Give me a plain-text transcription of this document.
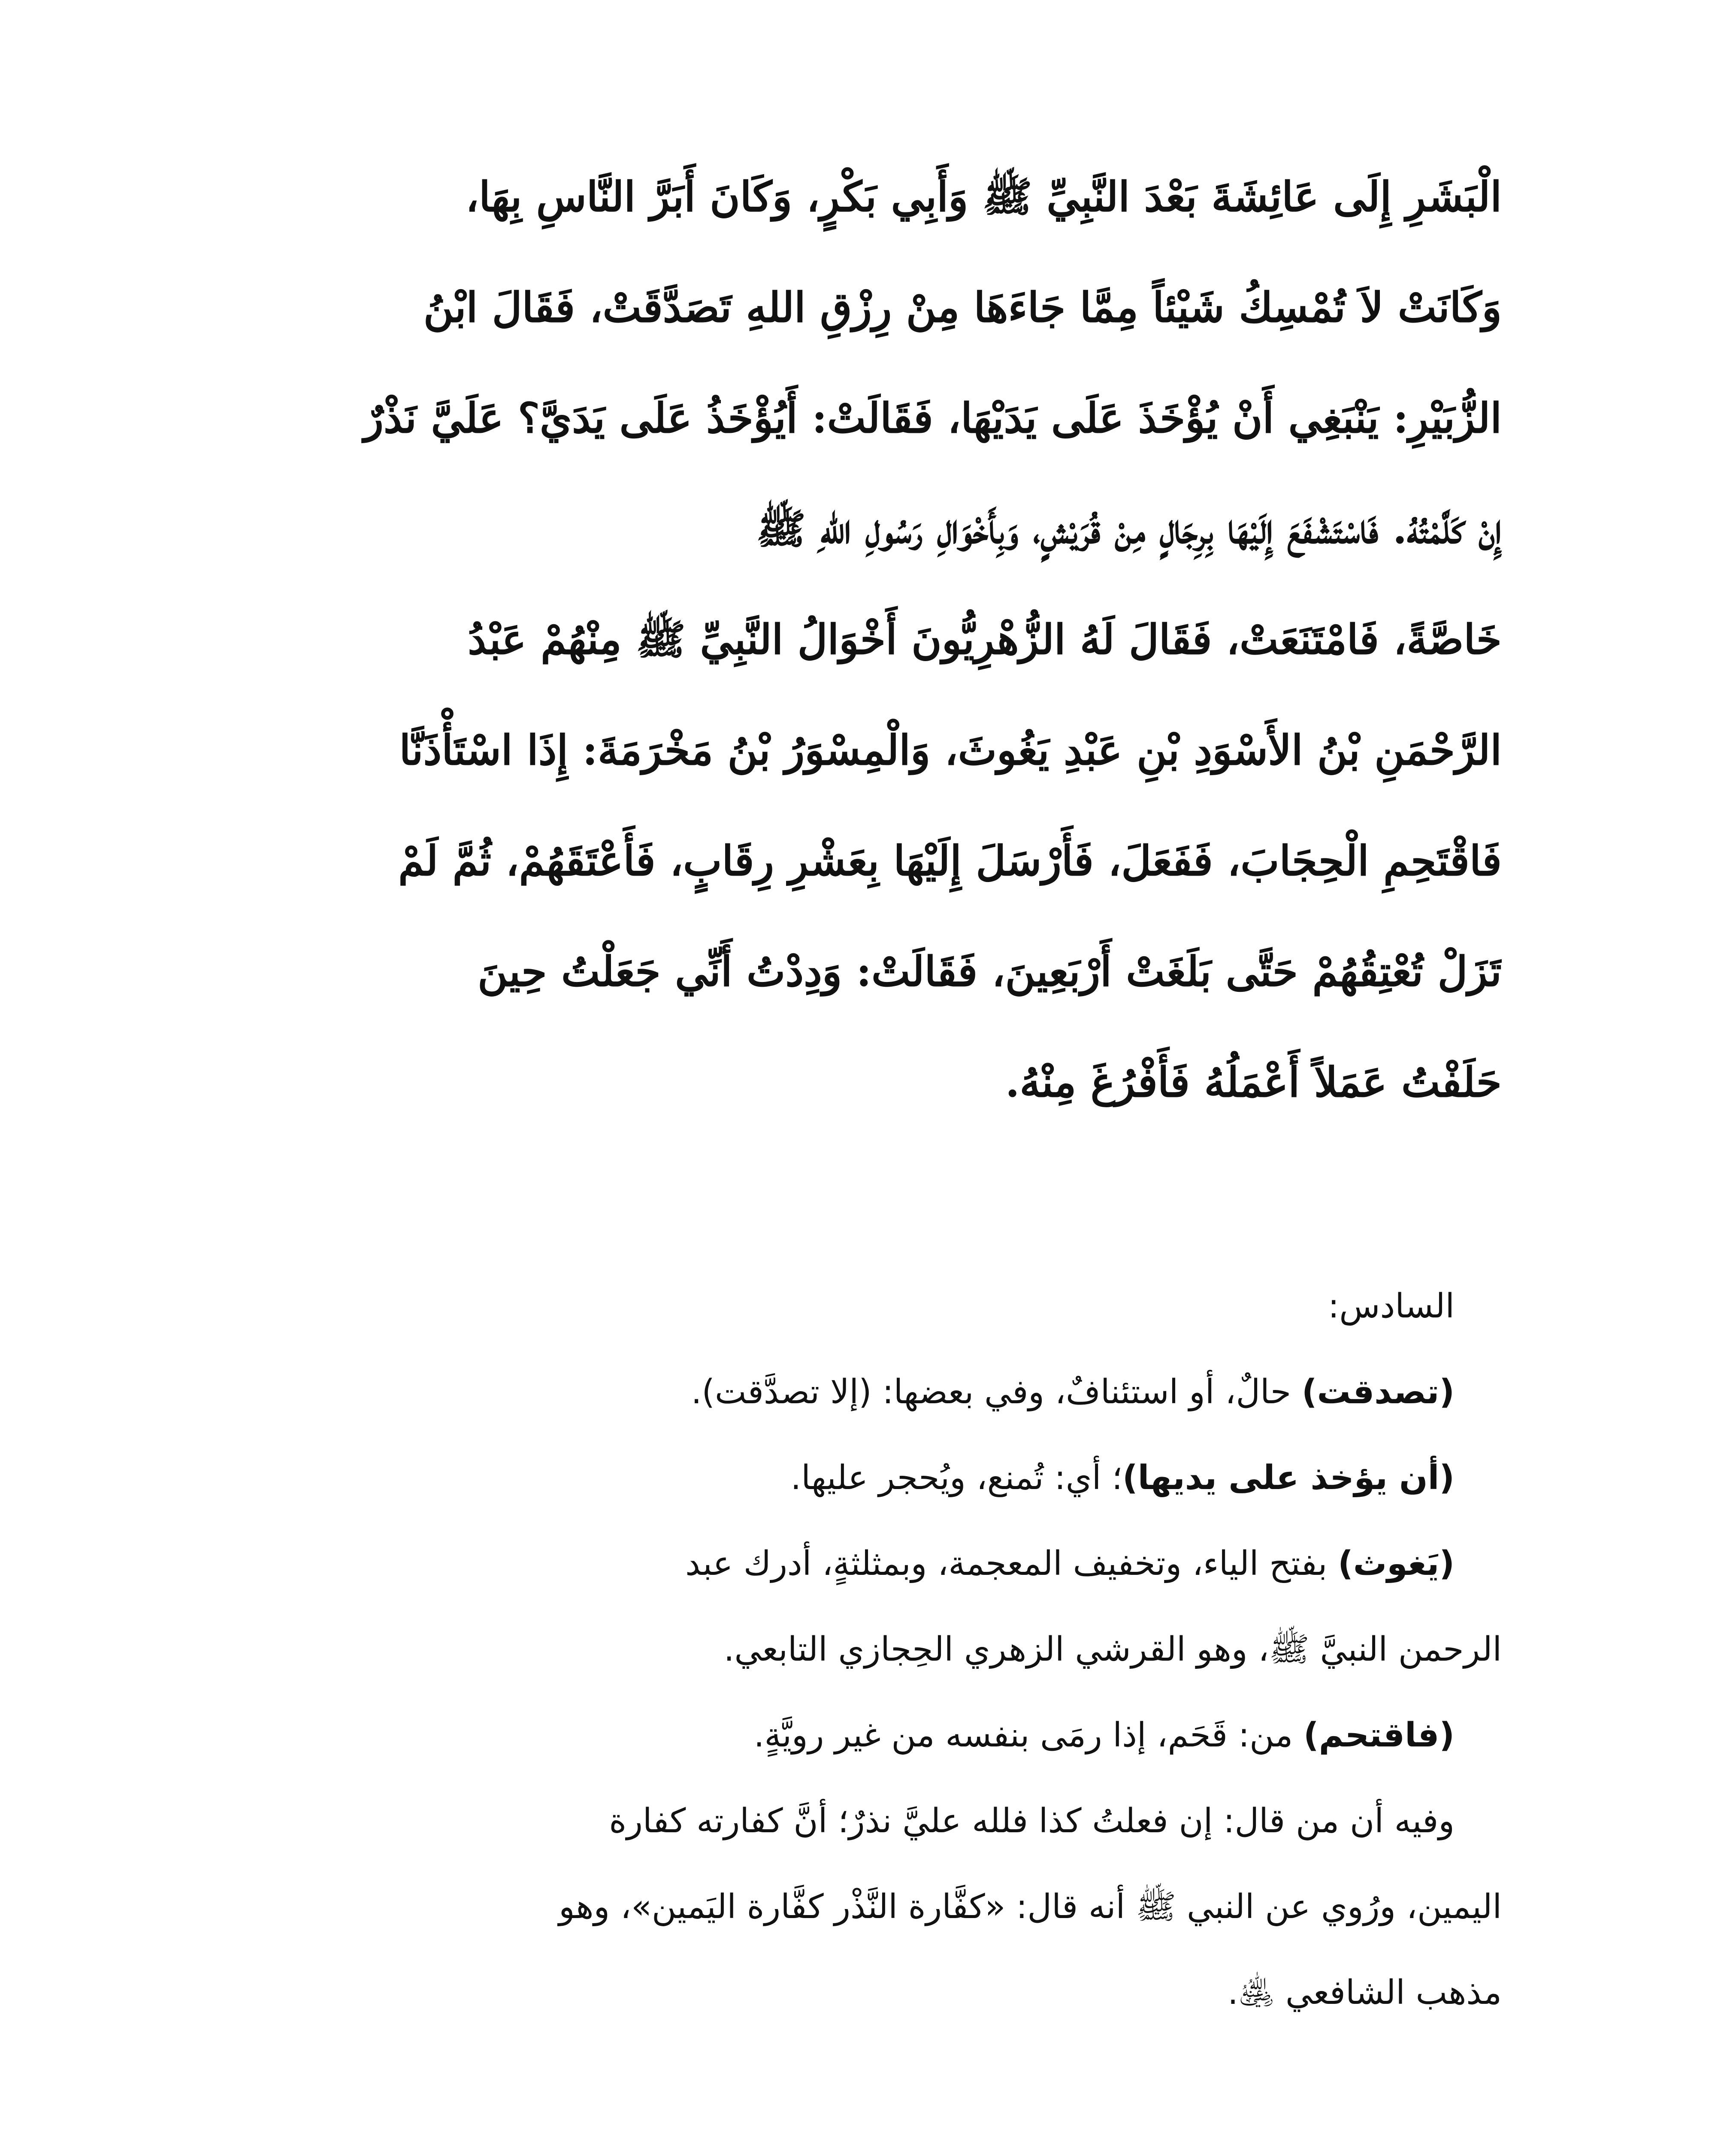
الْبَشَرِ إِلَى عَائِشَةَ بَعْدَ النَّبِيِّ ﷺ وَأَبِي بَكْرٍ، وَكَانَ أَبَرَّ النَّاسِ بِهَا،
وَكَانَتْ لاَ تُمْسِكُ شَيْئاً مِمَّا جَاءَهَا مِنْ رِزْقِ اللهِ تَصَدَّقَتْ، فَقَالَ ابْنُ
الزُّبَيْرِ: يَنْبَغِي أَنْ يُؤْخَذَ عَلَى يَدَيْهَا، فَقَالَتْ: أَيُؤْخَذُ عَلَى يَدَيَّ؟ عَلَيَّ نَذْرٌ
إِنْ كَلَّمْتُهُ. فَاسْتَشْفَعَ إِلَيْهَا بِرِجَالٍ مِنْ قُرَيْشٍ، وَبِأَخْوَالِ رَسُولِ اللهِ ﷺ
خَاصَّةً، فَامْتَنَعَتْ، فَقَالَ لَهُ الزُّهْرِيُّونَ أَخْوَالُ النَّبِيِّ ﷺ مِنْهُمْ عَبْدُ
الرَّحْمَنِ بْنُ الأَسْوَدِ بْنِ عَبْدِ يَغُوثَ، وَالْمِسْوَرُ بْنُ مَخْرَمَةَ: إِذَا اسْتَأْذَنَّا
فَاقْتَحِمِ الْحِجَابَ، فَفَعَلَ، فَأَرْسَلَ إِلَيْهَا بِعَشْرِ رِقَابٍ، فَأَعْتَقَهُمْ، ثُمَّ لَمْ
تَزَلْ تُعْتِقُهُمْ حَتَّى بَلَغَتْ أَرْبَعِينَ، فَقَالَتْ: وَدِدْتُ أَنِّي جَعَلْتُ حِينَ
حَلَفْتُ عَمَلاً أَعْمَلُهُ فَأَفْرُغَ مِنْهُ.
السادس:
(تصدقت) حالٌ، أو استئنافٌ، وفي بعضها: (إلا تصدَّقت).
(أن يؤخذ على يديها)؛ أي: تُمنع، ويُحجر عليها.
(يَغوث) بفتح الياء، وتخفيف المعجمة، وبمثلثةٍ، أدرك عبد
الرحمن النبيَّ ﷺ، وهو القرشي الزهري الحِجازي التابعي.
(فاقتحم) من: قَحَم، إذا رمَى بنفسه من غير رويَّةٍ.
وفيه أن من قال: إن فعلتُ كذا فلله عليَّ نذرٌ؛ أنَّ كفارته كفارة
اليمين، ورُوي عن النبي ﷺ أنه قال: «كفَّارة النَّذْر كفَّارة اليَمين»، وهو
مذهب الشافعي ﵁.
